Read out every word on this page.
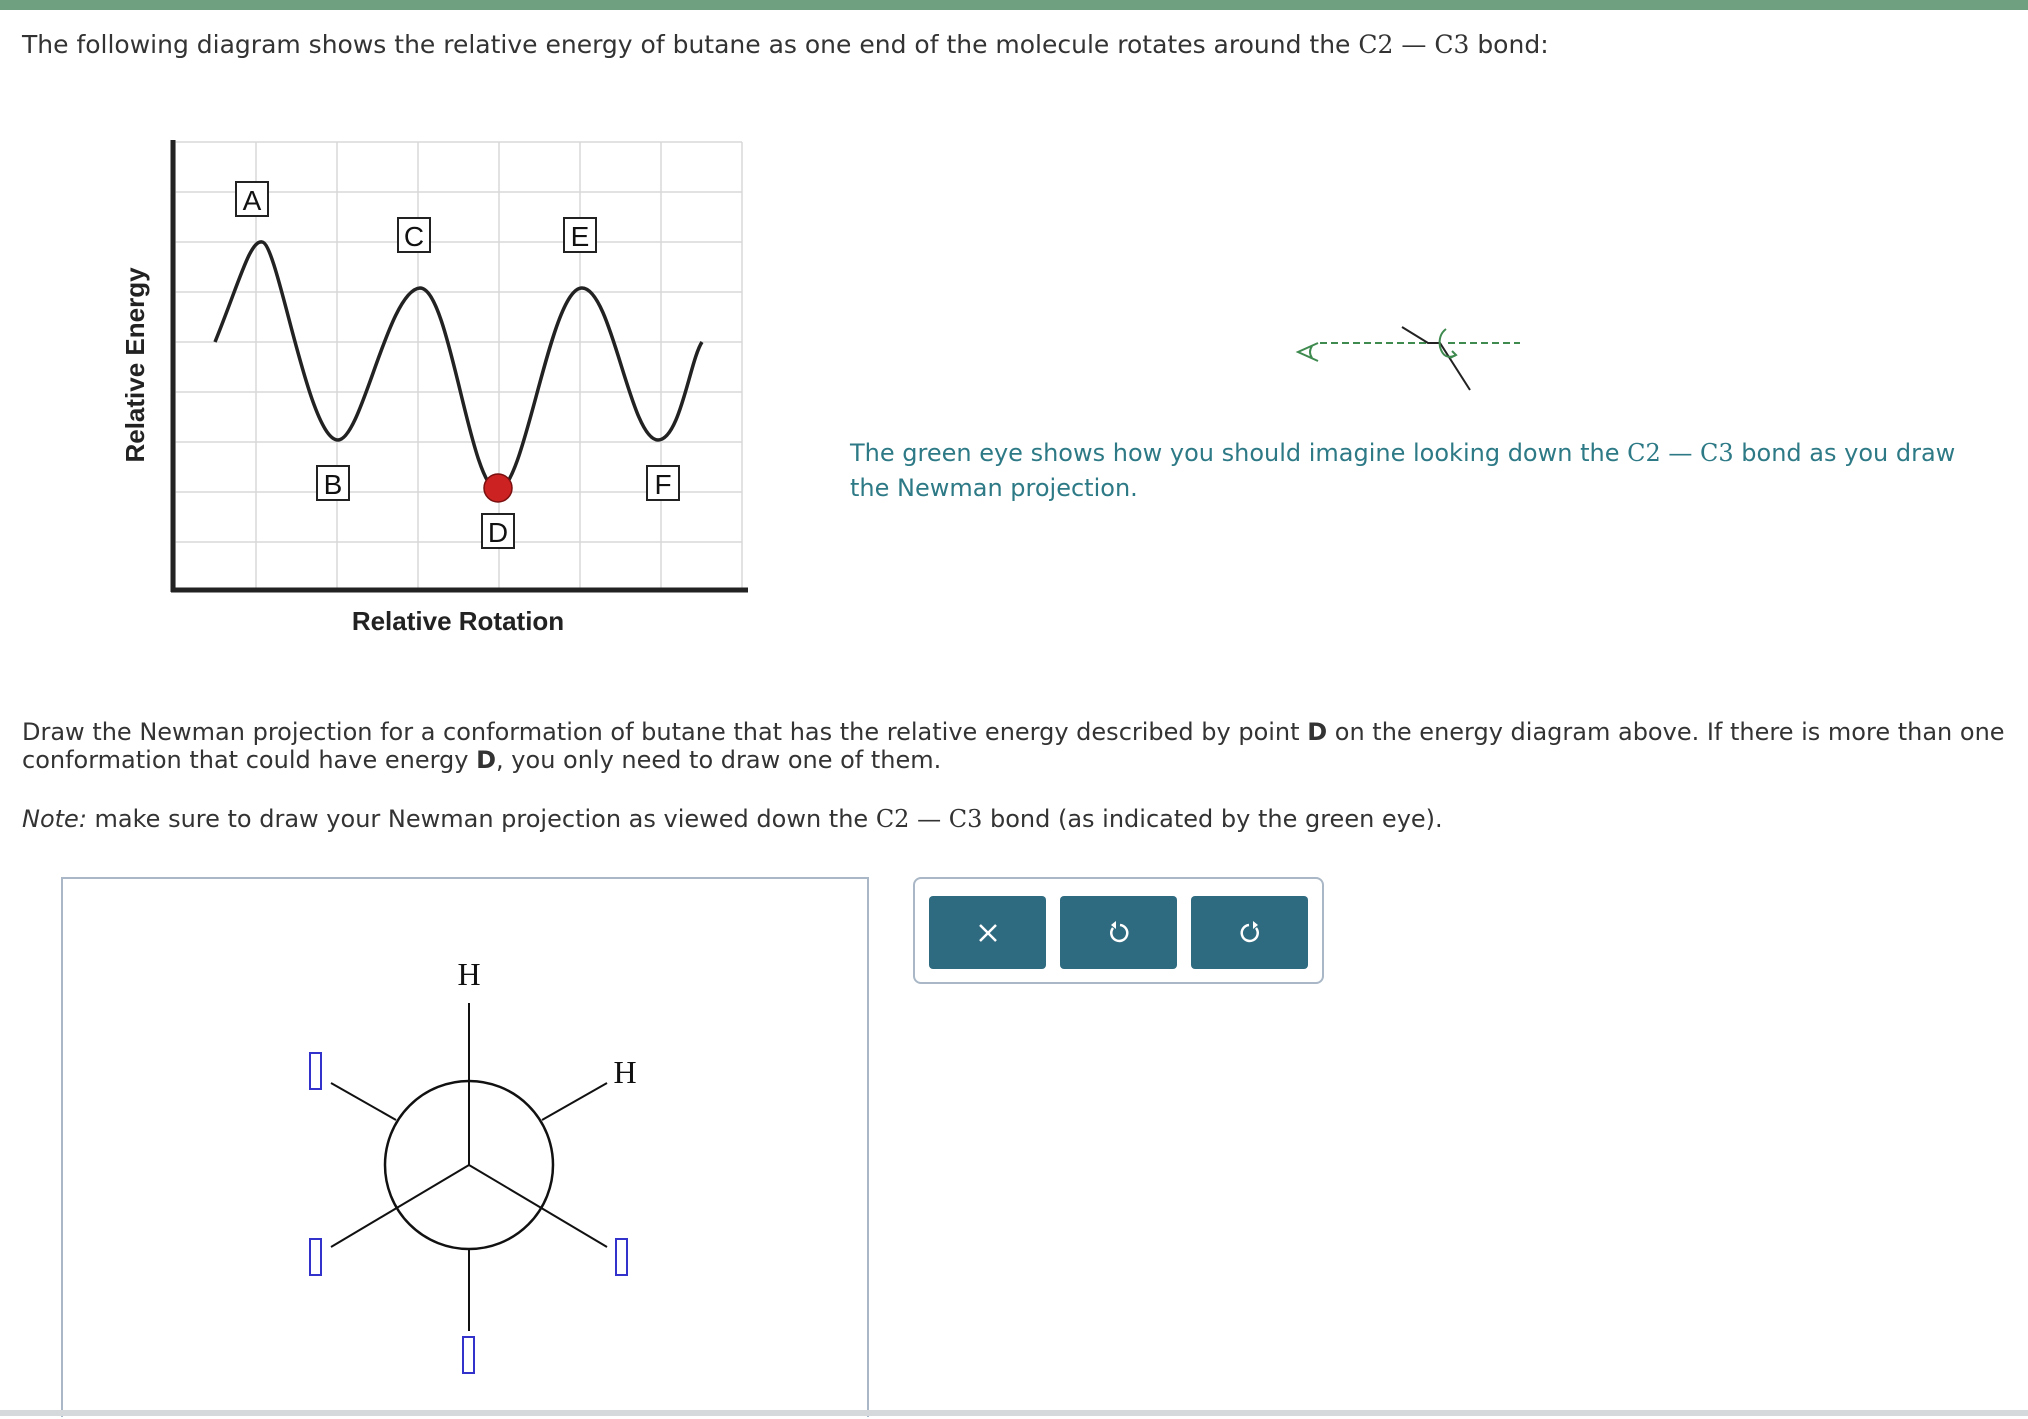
The following diagram shows the relative energy of butane as one end of the molecule rotates around the C2 — C3 bond:
A
B
C
D
E
F
Relative Rotation
Relative Energy	The green eye shows how you should imagine looking down the C2 — C3 bond as you draw the Newman projection.
Draw the Newman projection for a conformation of butane that has the relative energy described by point D on the energy diagram above. If there is more than one conformation that could have energy D, you only need to draw one of them.
Note: make sure to draw your Newman projection as viewed down the C2 — C3 bond (as indicated by the green eye).
H
H
